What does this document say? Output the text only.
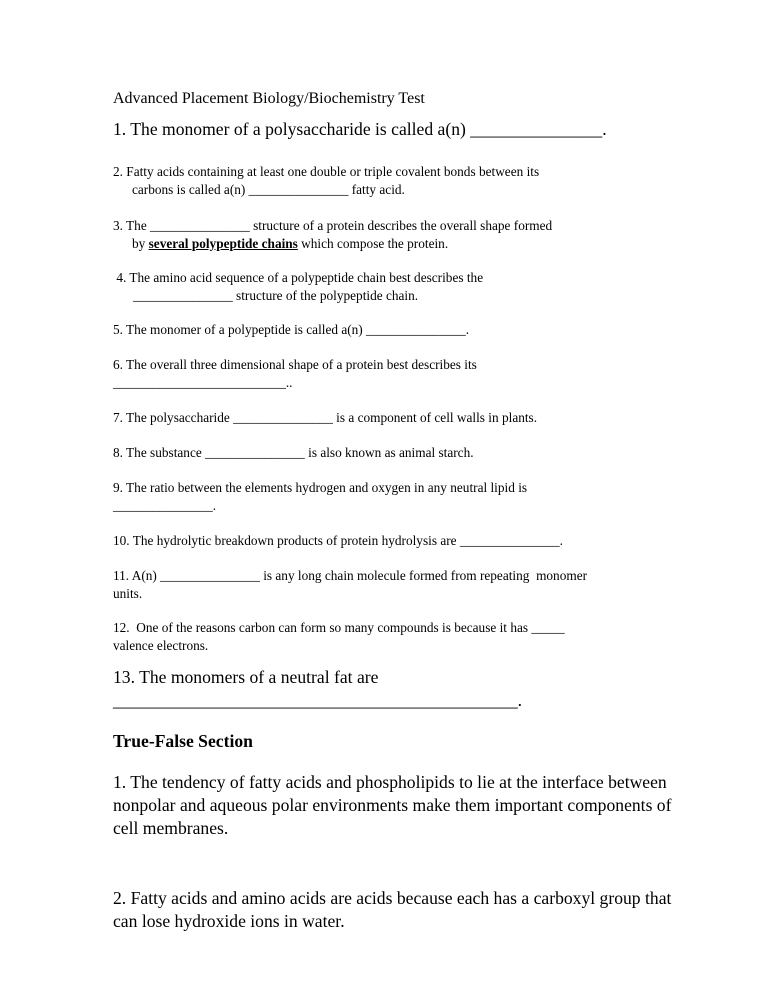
Advanced Placement Biology/Biochemistry Test
1. The monomer of a polysaccharide is called a(n) _______________.
2. Fatty acids containing at least one double or triple covalent bonds between its
carbons is called a(n) _______________ fatty acid.
3. The _______________ structure of a protein describes the overall shape formed
by several polypeptide chains which compose the protein.
4. The amino acid sequence of a polypeptide chain best describes the
_______________ structure of the polypeptide chain.
5. The monomer of a polypeptide is called a(n) _______________.
6. The overall three dimensional shape of a protein best describes its
__________________________..
7. The polysaccharide _______________ is a component of cell walls in plants.
8. The substance _______________ is also known as animal starch.
9. The ratio between the elements hydrogen and oxygen in any neutral lipid is
_______________.
10. The hydrolytic breakdown products of protein hydrolysis are _______________.
11. A(n) _______________ is any long chain molecule formed from repeating  monomer
units.
12.  One of the reasons carbon can form so many compounds is because it has _____
valence electrons.
13. The monomers of a neutral fat are
______________________________________________.
True-False Section
1. The tendency of fatty acids and phospholipids to lie at the interface between
nonpolar and aqueous polar environments make them important components of
cell membranes.
2. Fatty acids and amino acids are acids because each has a carboxyl group that
can lose hydroxide ions in water.
